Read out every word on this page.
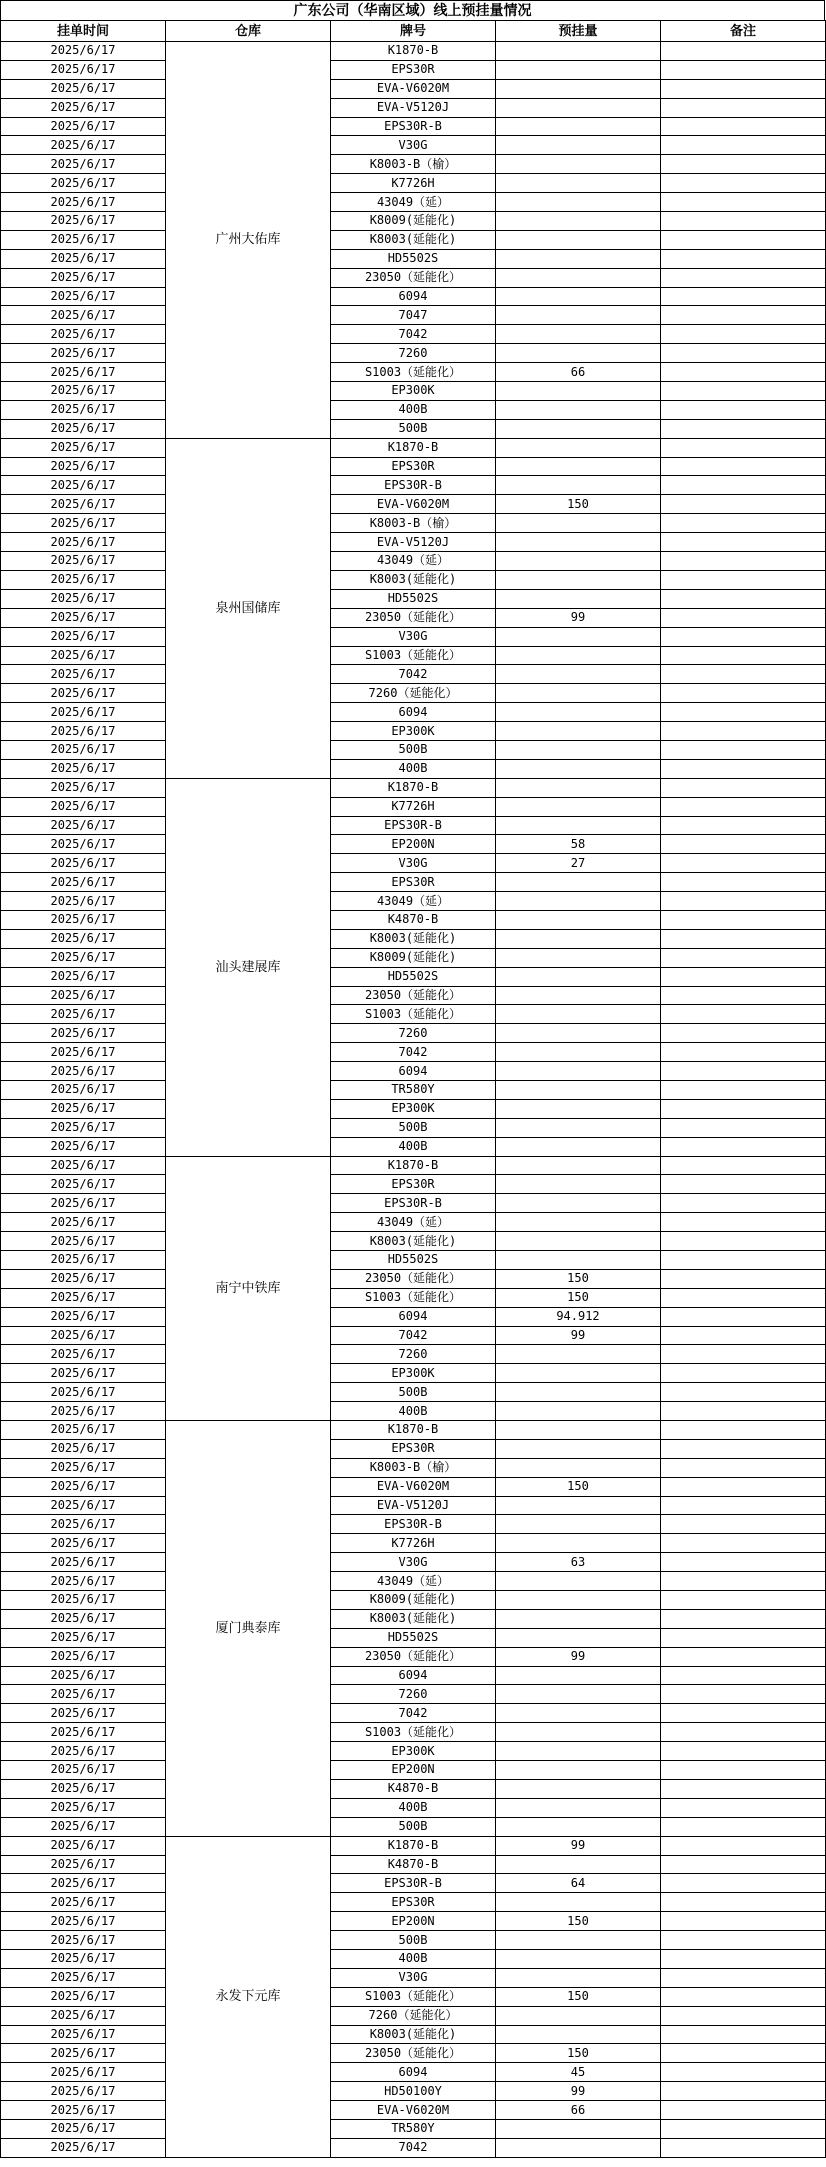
广东公司（华南区域）线上预挂量情况
挂单时间	仓库	牌号	预挂量	备注
2025/6/17	广州大佑库	K1870-B		
2025/6/17		EPS30R		
2025/6/17		EVA-V6020M		
2025/6/17		EVA-V5120J		
2025/6/17		EPS30R-B		
2025/6/17		V30G		
2025/6/17		K8003-B（榆）		
2025/6/17		K7726H		
2025/6/17		43049（延）		
2025/6/17		K8009(延能化)		
2025/6/17		K8003(延能化)		
2025/6/17		HD5502S		
2025/6/17		23050（延能化）		
2025/6/17		6094		
2025/6/17		7047		
2025/6/17		7042		
2025/6/17		7260		
2025/6/17		S1003（延能化）	66	
2025/6/17		EP300K		
2025/6/17		400B		
2025/6/17		500B		
2025/6/17	泉州国储库	K1870-B		
2025/6/17		EPS30R		
2025/6/17		EPS30R-B		
2025/6/17		EVA-V6020M	150	
2025/6/17		K8003-B（榆）		
2025/6/17		EVA-V5120J		
2025/6/17		43049（延）		
2025/6/17		K8003(延能化)		
2025/6/17		HD5502S		
2025/6/17		23050（延能化）	99	
2025/6/17		V30G		
2025/6/17		S1003（延能化）		
2025/6/17		7042		
2025/6/17		7260（延能化）		
2025/6/17		6094		
2025/6/17		EP300K		
2025/6/17		500B		
2025/6/17		400B		
2025/6/17	汕头建展库	K1870-B		
2025/6/17		K7726H		
2025/6/17		EPS30R-B		
2025/6/17		EP200N	58	
2025/6/17		V30G	27	
2025/6/17		EPS30R		
2025/6/17		43049（延）		
2025/6/17		K4870-B		
2025/6/17		K8003(延能化)		
2025/6/17		K8009(延能化)		
2025/6/17		HD5502S		
2025/6/17		23050（延能化）		
2025/6/17		S1003（延能化）		
2025/6/17		7260		
2025/6/17		7042		
2025/6/17		6094		
2025/6/17		TR580Y		
2025/6/17		EP300K		
2025/6/17		500B		
2025/6/17		400B		
2025/6/17	南宁中铁库	K1870-B		
2025/6/17		EPS30R		
2025/6/17		EPS30R-B		
2025/6/17		43049（延）		
2025/6/17		K8003(延能化)		
2025/6/17		HD5502S		
2025/6/17		23050（延能化）	150	
2025/6/17		S1003（延能化）	150	
2025/6/17		6094	94.912	
2025/6/17		7042	99	
2025/6/17		7260		
2025/6/17		EP300K		
2025/6/17		500B		
2025/6/17		400B		
2025/6/17	厦门典泰库	K1870-B		
2025/6/17		EPS30R		
2025/6/17		K8003-B（榆）		
2025/6/17		EVA-V6020M	150	
2025/6/17		EVA-V5120J		
2025/6/17		EPS30R-B		
2025/6/17		K7726H		
2025/6/17		V30G	63	
2025/6/17		43049（延）		
2025/6/17		K8009(延能化)		
2025/6/17		K8003(延能化)		
2025/6/17		HD5502S		
2025/6/17		23050（延能化）	99	
2025/6/17		6094		
2025/6/17		7260		
2025/6/17		7042		
2025/6/17		S1003（延能化）		
2025/6/17		EP300K		
2025/6/17		EP200N		
2025/6/17		K4870-B		
2025/6/17		400B		
2025/6/17		500B		
2025/6/17	永发下元库	K1870-B	99	
2025/6/17		K4870-B		
2025/6/17		EPS30R-B	64	
2025/6/17		EPS30R		
2025/6/17		EP200N	150	
2025/6/17		500B		
2025/6/17		400B		
2025/6/17		V30G		
2025/6/17		S1003（延能化）	150	
2025/6/17		7260（延能化）		
2025/6/17		K8003(延能化)		
2025/6/17		23050（延能化）	150	
2025/6/17		6094	45	
2025/6/17		HD50100Y	99	
2025/6/17		EVA-V6020M	66	
2025/6/17		TR580Y		
2025/6/17		7042		
